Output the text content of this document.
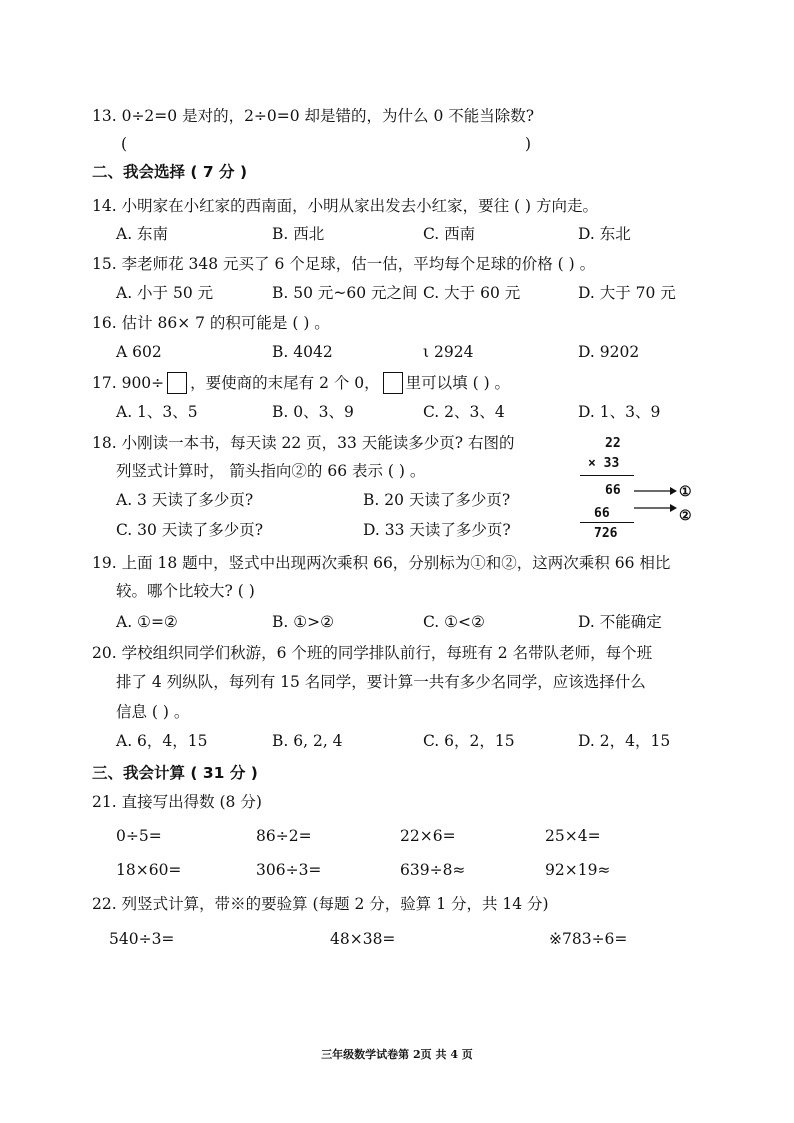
13. 0÷2=0 是对的，2÷0=0 却是错的，为什么 0 不能当除数?
(	)
二、我会选择 ( 7 分 )
14. 小明家在小红家的西南面，小明从家出发去小红家，要往 ( ) 方向走。
A. 东南	B. 西北	C. 西南	D. 东北
15. 李老师花 348 元买了 6 个足球，估一估，平均每个足球的价格 ( ) 。
A. 小于 50 元	B. 50 元~60 元之间 C. 大于 60 元	D. 大于 70 元
16. 估计 86× 7 的积可能是 ( ) 。
A 602	B. 4042	ι 2924	D. 9202
17. 900÷ ，要使商的末尾有 2 个 0， 里可以填 ( ) 。
A. 1、3、5	B. 0、3、9	C. 2、3、4	D. 1、3、9
18. 小刚读一本书，每天读 22 页，33 天能读多少页? 右图的
列竖式计算时， 箭头指向②的 66 表示 ( ) 。
A. 3 天读了多少页?	B. 20 天读了多少页?
C. 30 天读了多少页?	D. 33 天读了多少页?
22
× 33
66
66
726
①
②
19. 上面 18 题中，竖式中出现两次乘积 66，分别标为①和②，这两次乘积 66 相比
较。哪个比较大? ( )
A. ①=②	B. ①>②	C. ①<②	D. 不能确定
20. 学校组织同学们秋游，6 个班的同学排队前行，每班有 2 名带队老师，每个班
排了 4 列纵队，每列有 15 名同学，要计算一共有多少名同学，应该选择什么
信息 ( ) 。
A. 6，4，15	B. 6, 2, 4	C. 6，2，15	D. 2，4，15
三、我会计算 ( 31 分 )
21. 直接写出得数 (8 分)
0÷5=	86÷2=	22×6=	25×4=
18×60=	306÷3=	639÷8≈	92×19≈
22. 列竖式计算，带※的要验算 (每题 2 分，验算 1 分，共 14 分)
540÷3=	48×38=	※783÷6=
三年级数学试卷第 2页 共 4 页
